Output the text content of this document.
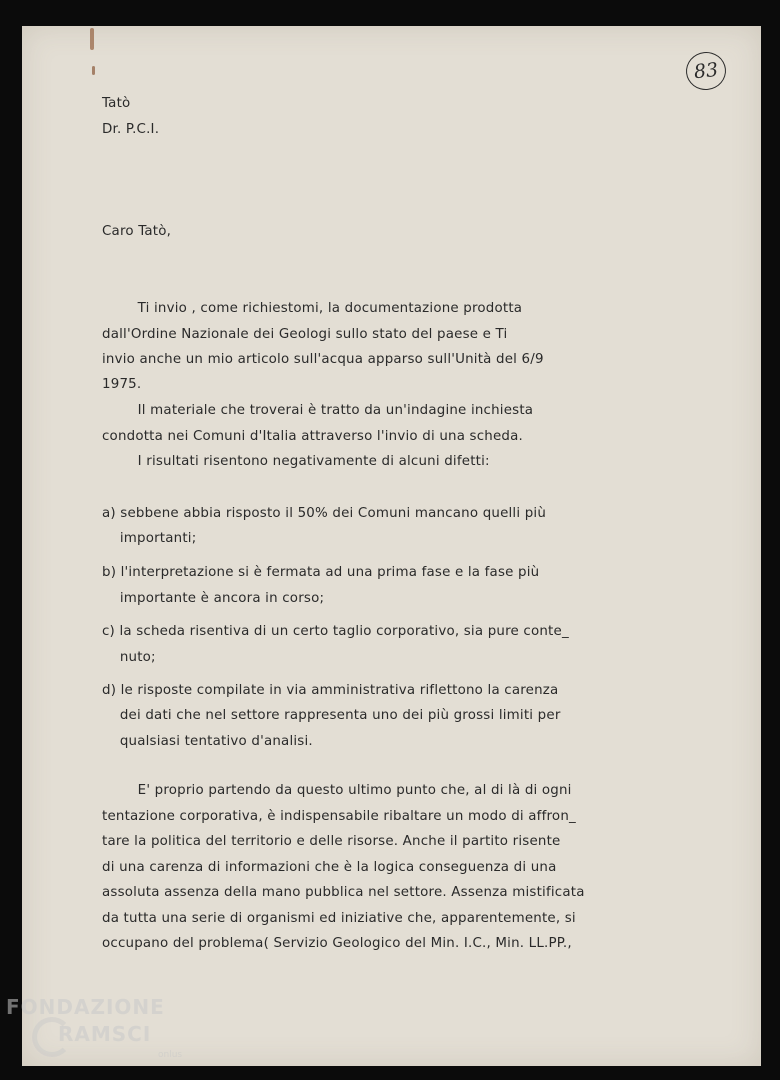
83
Tatò
Dr. P.C.I.
Caro Tatò,
Ti invio , come richiestomi, la documentazione prodotta
dall'Ordine Nazionale dei Geologi sullo stato del paese e Ti
invio anche un mio articolo sull'acqua apparso sull'Unità del 6/9
1975.
Il materiale che troverai è tratto da un'indagine inchiesta
condotta nei Comuni d'Italia attraverso l'invio di una scheda.
I risultati risentono negativamente di alcuni difetti:
a) sebbene abbia risposto il 50% dei Comuni mancano quelli più
importanti;
b) l'interpretazione si è fermata ad una prima fase e la fase più
importante è ancora in corso;
c) la scheda risentiva di un certo taglio corporativo, sia pure conte_
nuto;
d) le risposte compilate in via amministrativa riflettono la carenza
dei dati che nel settore rappresenta uno dei più grossi limiti per
qualsiasi tentativo d'analisi.
E' proprio partendo da questo ultimo punto che, al di là di ogni
tentazione corporativa, è indispensabile ribaltare un modo di affron_
tare la politica del territorio e delle risorse. Anche il partito risente
di una carenza di informazioni che è la logica conseguenza di una
assoluta assenza della mano pubblica nel settore. Assenza mistificata
da tutta una serie di organismi ed iniziative che, apparentemente, si
occupano del problema( Servizio Geologico del Min. I.C., Min. LL.PP.,
FONDAZIONE
RAMSCI
onlus
